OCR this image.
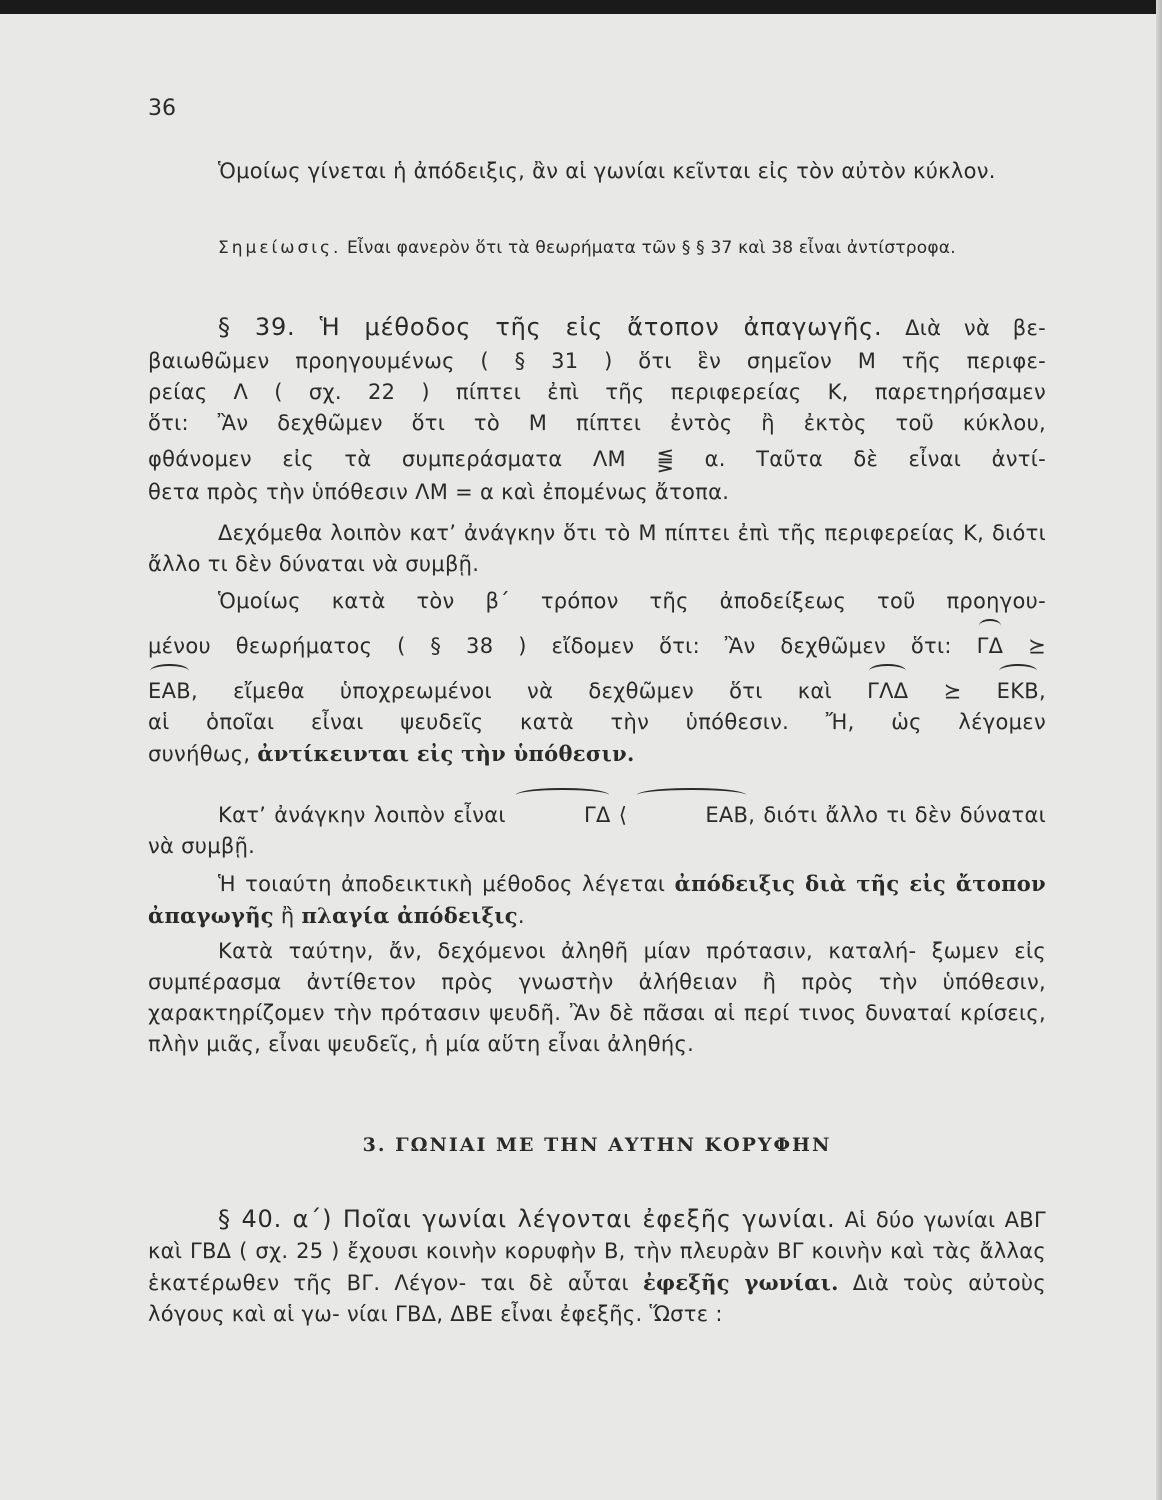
36

Ὁμοίως γίνεται ἡ ἀπόδειξις, ἂν αἱ γωνίαι κεῖνται εἰς τὸν αὐτὸν κύκλον.

Σημείωσις. Εἶναι φανερὸν ὅτι τὰ θεωρήματα τῶν § § 37 καὶ 38 εἶναι ἀντίστροφα.

§ 39. Ἡ μέθοδος τῆς εἰς ἄτοπον ἀπαγωγῆς. Διὰ νὰ βε-

βαιωθῶμεν προηγουμένως ( § 31 ) ὅτι ἓν σημεῖον Μ τῆς περιφε-

ρείας Λ ( σχ. 22 ) πίπτει ἐπὶ τῆς περιφερείας Κ, παρετηρήσαμεν

ὅτι: Ἂν δεχθῶμεν ὅτι τὸ Μ πίπτει ἐντὸς ἢ ἐκτὸς τοῦ κύκλου,

φθάνομεν εἰς τὰ συμπεράσματα ΛΜ ⪋ α. Ταῦτα δὲ εἶναι ἀντί-

θετα πρὸς τὴν ὑπόθεσιν ΛΜ = α καὶ ἐπομένως ἄτοπα.

Δεχόμεθα λοιπὸν κατ’ ἀνάγκην ὅτι τὸ Μ πίπτει ἐπὶ τῆς περιφερείας Κ, διότι ἄλλο τι δὲν δύναται νὰ συμβῇ.

Ὁμοίως κατὰ τὸν β΄ τρόπον τῆς ἀποδείξεως τοῦ προηγου-

μένου θεωρήματος ( § 38 ) εἴδομεν ὅτι: Ἂν δεχθῶμεν ὅτι: ΓΔ ⪰

ΕΑΒ, εἴμεθα ὑποχρεωμένοι νὰ δεχθῶμεν ὅτι καὶ ΓΛΔ ⪰ ΕΚΒ,

αἱ ὁποῖαι εἶναι ψευδεῖς κατὰ τὴν ὑπόθεσιν. Ἤ, ὡς λέγομεν

συνήθως, ἀντίκεινται εἰς τὴν ὑπόθεσιν.

Κατ’ ἀνάγκην λοιπὸν εἶναι	ΓΔ ⟨	ΕΑΒ, διότι ἄλλο τι δὲν δύναται νὰ συμβῇ.

Ἡ τοιαύτη ἀποδεικτικὴ μέθοδος λέγεται ἀπόδειξις διὰ τῆς εἰς ἄτοπον ἀπαγωγῆς ἢ πλαγία ἀπόδειξις.

Κατὰ ταύτην, ἄν, δεχόμενοι ἀληθῆ μίαν πρότασιν, καταλή- ξωμεν εἰς συμπέρασμα ἀντίθετον πρὸς γνωστὴν ἀλήθειαν ἢ πρὸς τὴν ὑπόθεσιν, χαρακτηρίζομεν τὴν πρότασιν ψευδῆ. Ἂν δὲ πᾶσαι αἱ περί τινος δυναταί κρίσεις, πλὴν μιᾶς, εἶναι ψευδεῖς, ἡ μία αὕτη εἶναι ἀληθής.

3. ΓΩΝΙΑΙ ΜΕ ΤΗΝ ΑΥΤΗΝ ΚΟΡΥΦΗΝ

§ 40. α΄) Ποῖαι γωνίαι λέγονται ἐφεξῆς γωνίαι. Αἱ δύο γωνίαι ΑΒΓ καὶ ΓΒΔ ( σχ. 25 ) ἔχουσι κοινὴν κορυφὴν Β, τὴν πλευρὰν ΒΓ κοινὴν καὶ τὰς ἄλλας ἑκατέρωθεν τῆς ΒΓ. Λέγον- ται δὲ αὗται ἐφεξῆς γωνίαι. Διὰ τοὺς αὐτοὺς λόγους καὶ αἱ γω- νίαι ΓΒΔ, ΔΒΕ εἶναι ἐφεξῆς. Ὥστε :
